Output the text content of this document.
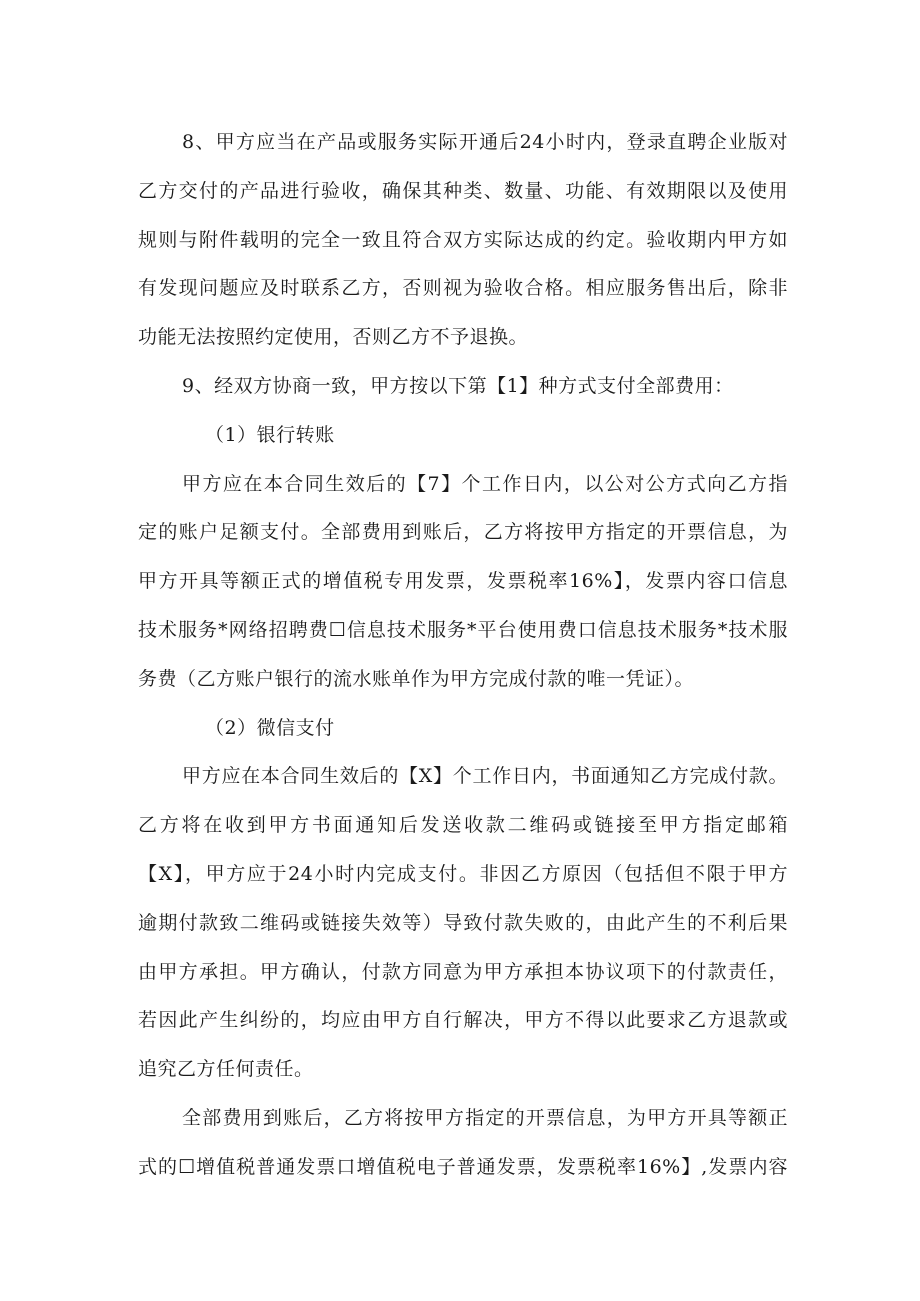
8、甲方应当在产品或服务实际开通后24小时内，登录直聘企业版对
乙方交付的产品进行验收，确保其种类、数量、功能、有效期限以及使用
规则与附件载明的完全一致且符合双方实际达成的约定。验收期内甲方如
有发现问题应及时联系乙方，否则视为验收合格。相应服务售出后，除非
功能无法按照约定使用，否则乙方不予退换。
9、经双方协商一致，甲方按以下第【1】种方式支付全部费用：
（1）银行转账
甲方应在本合同生效后的【7】个工作日内，以公对公方式向乙方指
定的账户足额支付。全部费用到账后，乙方将按甲方指定的开票信息，为
甲方开具等额正式的增值税专用发票，发票税率16%】，发票内容口信息
技术服务*网络招聘费☐信息技术服务*平台使用费口信息技术服务*技术服
务费（乙方账户银行的流水账单作为甲方完成付款的唯一凭证）。
（2）微信支付
甲方应在本合同生效后的【X】个工作日内，书面通知乙方完成付款。
乙方将在收到甲方书面通知后发送收款二维码或链接至甲方指定邮箱
【X】，甲方应于24小时内完成支付。非因乙方原因（包括但不限于甲方
逾期付款致二维码或链接失效等）导致付款失败的，由此产生的不利后果
由甲方承担。甲方确认，付款方同意为甲方承担本协议项下的付款责任，
若因此产生纠纷的，均应由甲方自行解决，甲方不得以此要求乙方退款或
追究乙方任何责任。
全部费用到账后，乙方将按甲方指定的开票信息，为甲方开具等额正
式的☐增值税普通发票口增值税电子普通发票，发票税率16%】,发票内容
